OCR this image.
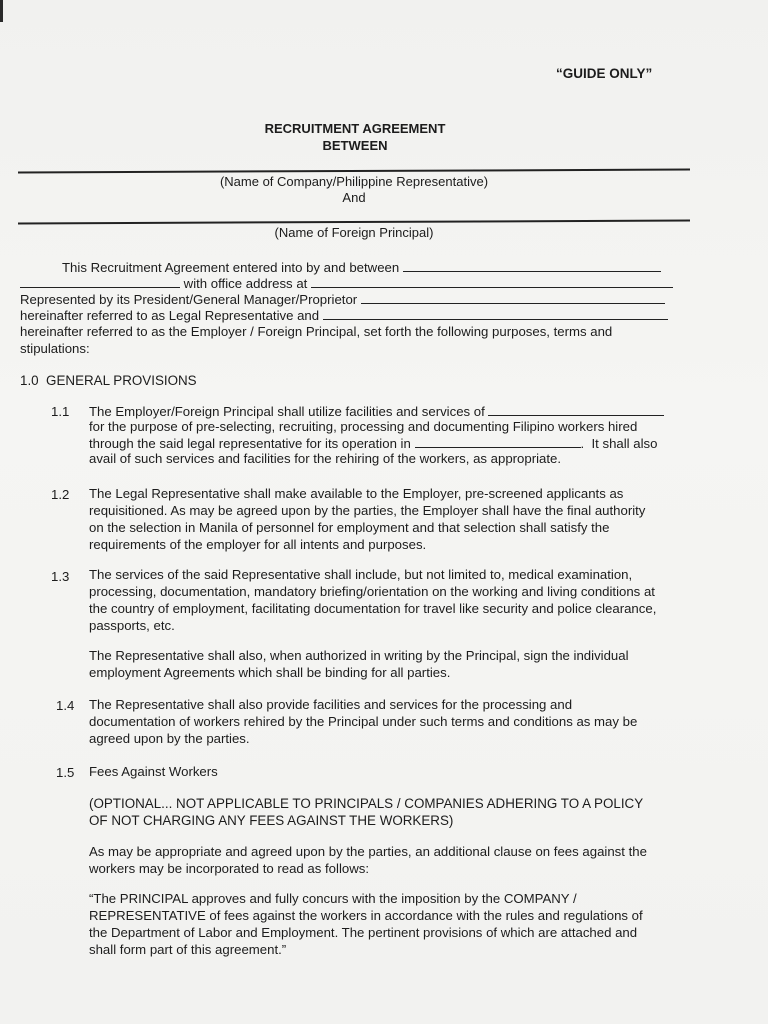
“GUIDE ONLY”
RECRUITMENT AGREEMENT
BETWEEN
(Name of Company/Philippine Representative)
And
(Name of Foreign Principal)
This Recruitment Agreement entered into by and between
with office address at
Represented by its President/General Manager/Proprietor
hereinafter referred to as Legal Representative and
hereinafter referred to as the Employer / Foreign Principal, set forth the following purposes, terms and
stipulations:
1.0  GENERAL PROVISIONS
1.1 The Employer/Foreign Principal shall utilize facilities and services of
for the purpose of pre-selecting, recruiting, processing and documenting Filipino workers hired
through the said legal representative for its operation in	.  It shall also
avail of such services and facilities for the rehiring of the workers, as appropriate.
1.2 The Legal Representative shall make available to the Employer, pre-screened applicants as
requisitioned. As may be agreed upon by the parties, the Employer shall have the final authority
on the selection in Manila of personnel for employment and that selection shall satisfy the
requirements of the employer for all intents and purposes.
1.3 The services of the said Representative shall include, but not limited to, medical examination,
processing, documentation, mandatory briefing/orientation on the working and living conditions at
the country of employment, facilitating documentation for travel like security and police clearance,
passports, etc.
The Representative shall also, when authorized in writing by the Principal, sign the individual
employment Agreements which shall be binding for all parties.
1.4 The Representative shall also provide facilities and services for the processing and
documentation of workers rehired by the Principal under such terms and conditions as may be
agreed upon by the parties.
1.5 Fees Against Workers
(OPTIONAL... NOT APPLICABLE TO PRINCIPALS / COMPANIES ADHERING TO A POLICY
OF NOT CHARGING ANY FEES AGAINST THE WORKERS)
As may be appropriate and agreed upon by the parties, an additional clause on fees against the
workers may be incorporated to read as follows:
“The PRINCIPAL approves and fully concurs with the imposition by the COMPANY /
REPRESENTATIVE of fees against the workers in accordance with the rules and regulations of
the Department of Labor and Employment. The pertinent provisions of which are attached and
shall form part of this agreement.”
